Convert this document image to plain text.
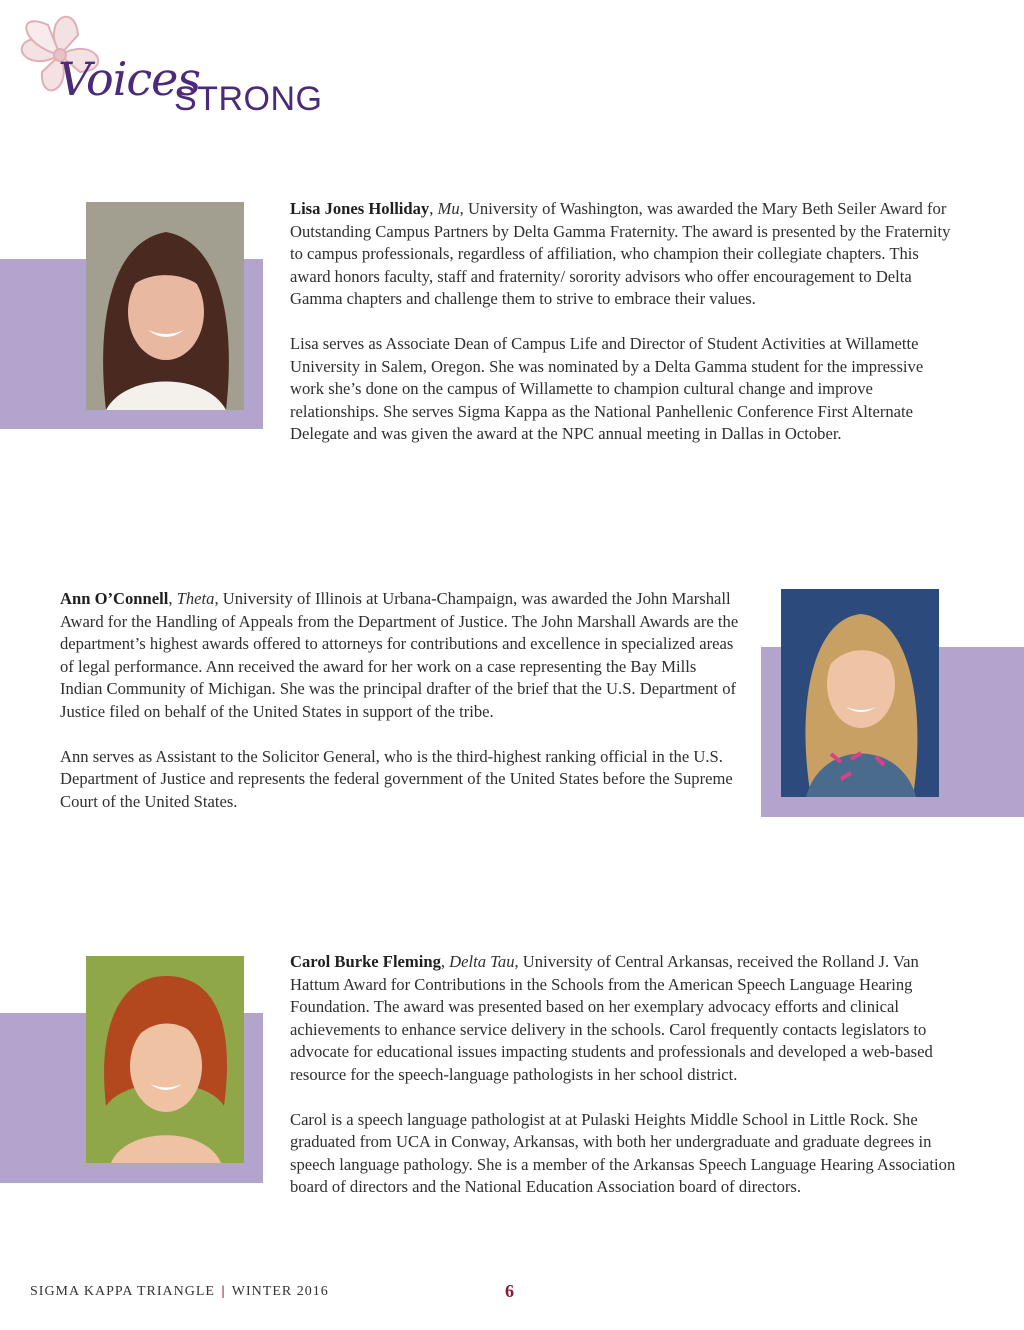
Voices
STRONG

Lisa Jones Holliday, Mu, University of Washington, was awarded the Mary Beth Seiler Award for Outstanding Campus Partners by Delta Gamma Fraternity. The award is presented by the Fraternity to campus professionals, regardless of affiliation, who champion their collegiate chapters. This award honors faculty, staff and fraternity/ sorority advisors who offer encouragement to Delta Gamma chapters and challenge them to strive to embrace their values.

Lisa serves as Associate Dean of Campus Life and Director of Student Activities at Willamette University in Salem, Oregon. She was nominated by a Delta Gamma student for the impressive work she’s done on the campus of Willamette to champion cultural change and improve relationships. She serves Sigma Kappa as the National Panhellenic Conference First Alternate Delegate and was given the award at the NPC annual meeting in Dallas in October.

Ann O’Connell, Theta, University of Illinois at Urbana-Champaign, was awarded the John Marshall Award for the Handling of Appeals from the Department of Justice. The John Marshall Awards are the department’s highest awards offered to attorneys for contributions and excellence in specialized areas of legal performance. Ann received the award for her work on a case representing the Bay Mills Indian Community of Michigan. She was the principal drafter of the brief that the U.S. Department of Justice filed on behalf of the United States in support of the tribe.

Ann serves as Assistant to the Solicitor General, who is the third-highest ranking official in the U.S. Department of Justice and represents the federal government of the United States before the Supreme Court of the United States.

Carol Burke Fleming, Delta Tau, University of Central Arkansas, received the Rolland J. Van Hattum Award for Contributions in the Schools from the American Speech Language Hearing Foundation. The award was presented based on her exemplary advocacy efforts and clinical achievements to enhance service delivery in the schools. Carol frequently contacts legislators to advocate for educational issues impacting students and professionals and developed a web-based resource for the speech-language pathologists in her school district.

Carol is a speech language pathologist at at Pulaski Heights Middle School in Little Rock. She graduated from UCA in Conway, Arkansas, with both her undergraduate and graduate degrees in speech language pathology. She is a member of the Arkansas Speech Language Hearing Association board of directors and the National Education Association board of directors.

SIGMA KAPPA TRIANGLE | WINTER 2016	6
